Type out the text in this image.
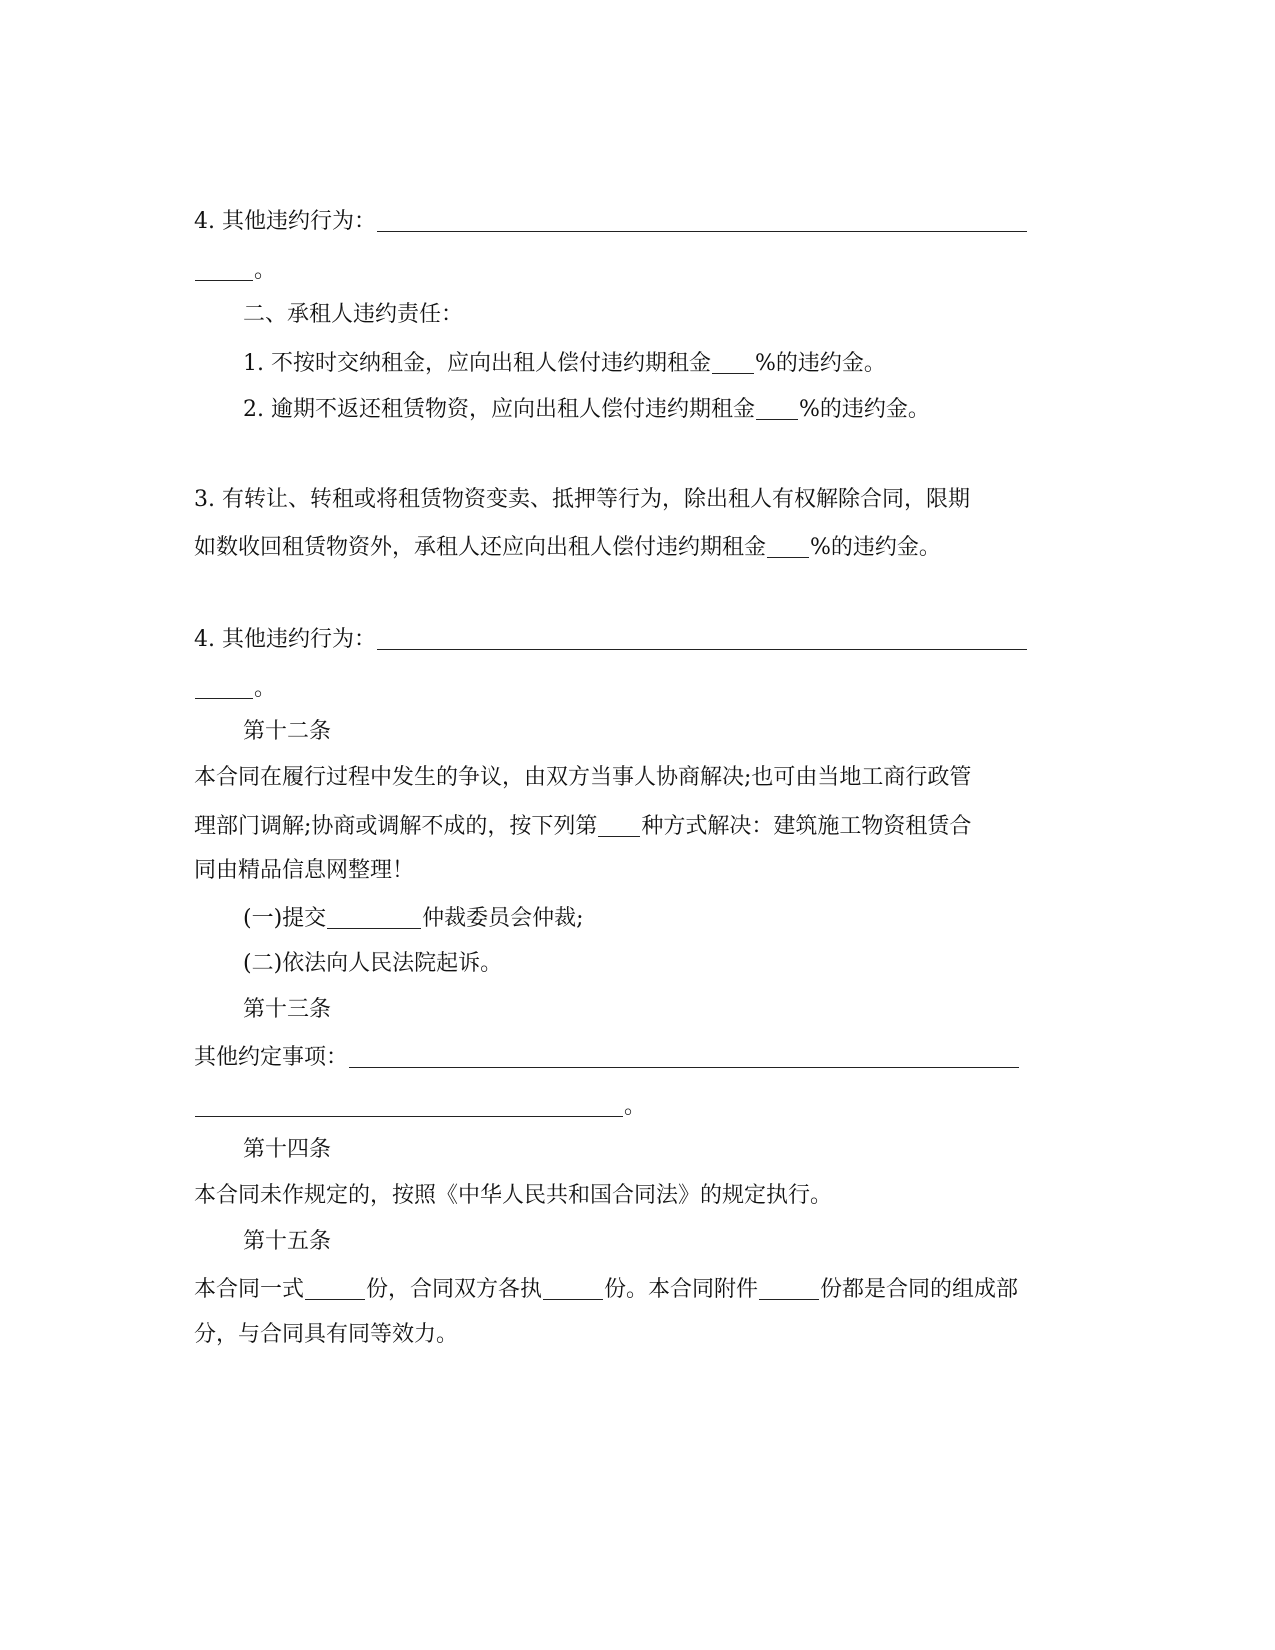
4. 其他违约行为：
。
二、承租人违约责任：
1. 不按时交纳租金，应向出租人偿付违约期租金 %的违约金。
2. 逾期不返还租赁物资，应向出租人偿付违约期租金 %的违约金。
3. 有转让、转租或将租赁物资变卖、抵押等行为，除出租人有权解除合同，限期
如数收回租赁物资外，承租人还应向出租人偿付违约期租金 %的违约金。
4. 其他违约行为：
。
第十二条
本合同在履行过程中发生的争议，由双方当事人协商解决;也可由当地工商行政管
理部门调解;协商或调解不成的，按下列第 种方式解决：建筑施工物资租赁合
同由精品信息网整理！
(一)提交	仲裁委员会仲裁;
(二)依法向人民法院起诉。
第十三条
其他约定事项：
。
第十四条
本合同未作规定的，按照《中华人民共和国合同法》的规定执行。
第十五条
本合同一式	份，合同双方各执	份。本合同附件	份都是合同的组成部
分，与合同具有同等效力。
